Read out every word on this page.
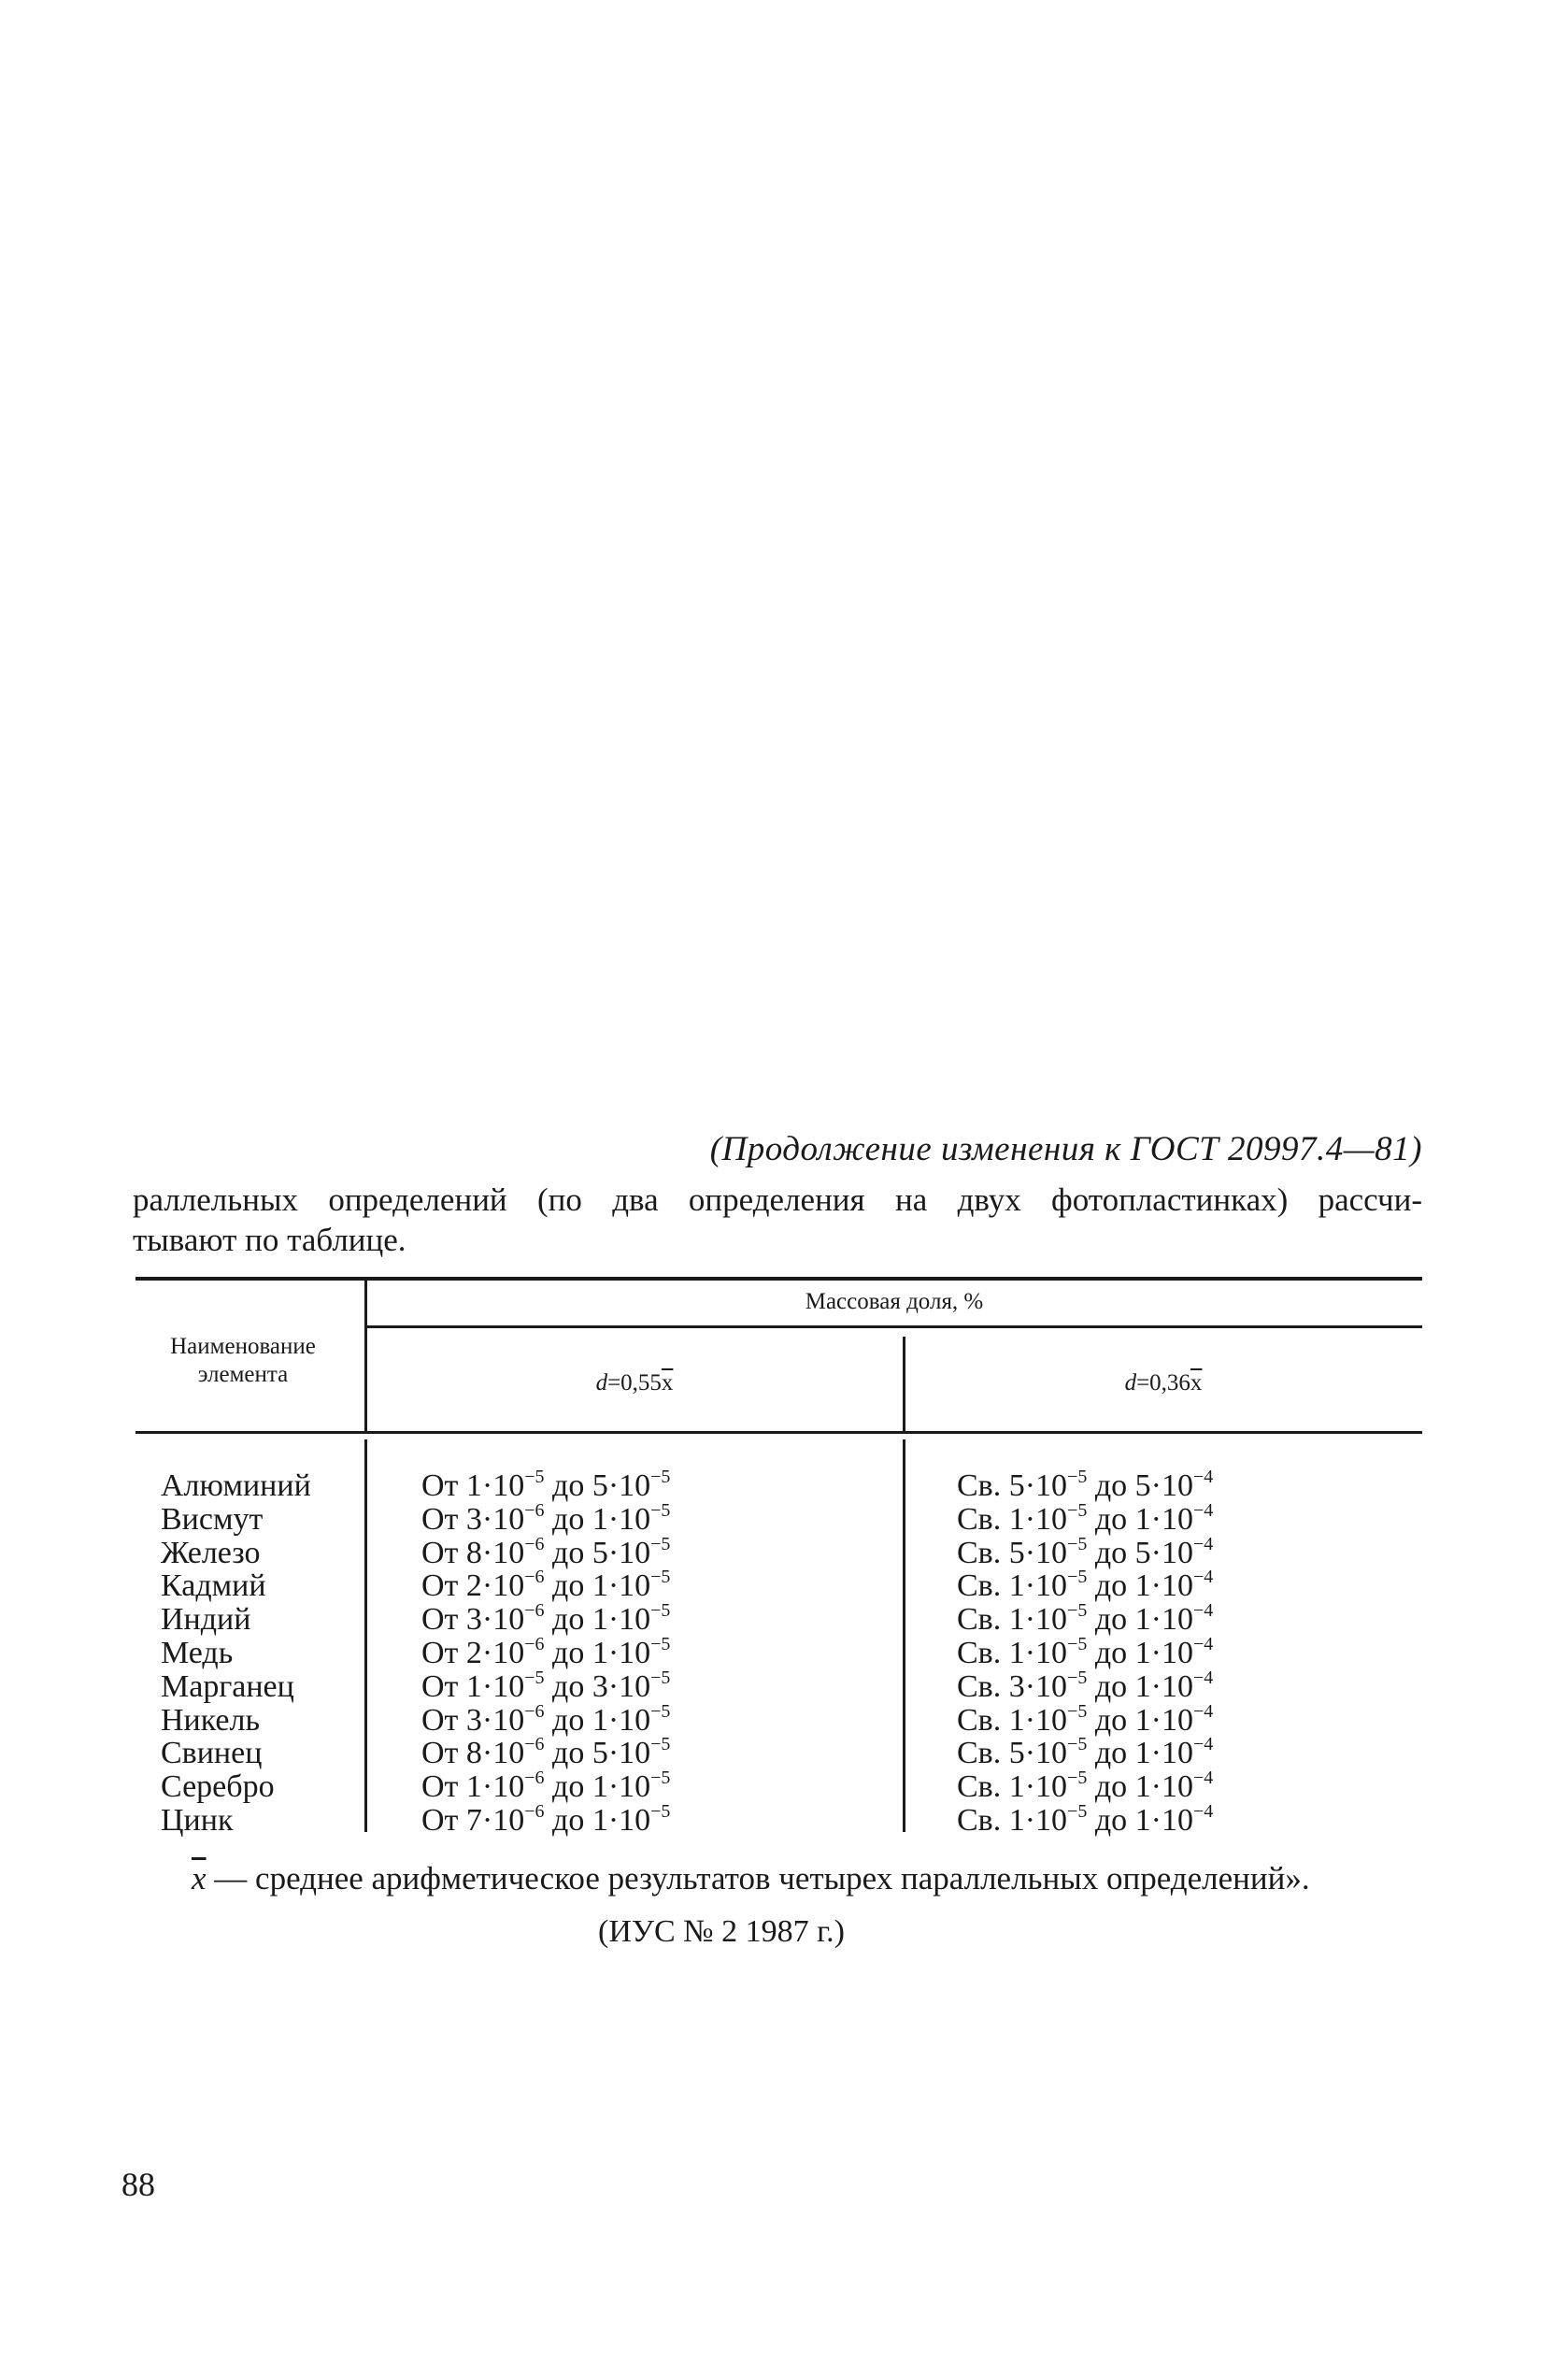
(Продолжение изменения к ГОСТ 20997.4—81)
раллельных определений (по два определения на двух фотопластинках) рассчи-
тывают по таблице.
Наименование
элемента
Массовая доля, %
$d=0,55\overline{x}$	$d=0,36\overline{x}$
Алюминий
Висмут
Железо
Кадмий
Индий
Медь
Марганец
Никель
Свинец
Серебро
Цинк
От $1\cdot 10^{-5}$ до $5\cdot 10^{-5}$
От $3\cdot 10^{-6}$ до $1\cdot 10^{-5}$
От $8\cdot 10^{-6}$ до $5\cdot 10^{-5}$
От $2\cdot 10^{-6}$ до $1\cdot 10^{-5}$
От $3\cdot 10^{-6}$ до $1\cdot 10^{-5}$
От $2\cdot 10^{-6}$ до $1\cdot 10^{-5}$
От $1\cdot 10^{-5}$ до $3\cdot 10^{-5}$
От $3\cdot 10^{-6}$ до $1\cdot 10^{-5}$
От $8\cdot 10^{-6}$ до $5\cdot 10^{-5}$
От $1\cdot 10^{-6}$ до $1\cdot 10^{-5}$
От $7\cdot 10^{-6}$ до $1\cdot 10^{-5}$
Св. $5\cdot 10^{-5}$ до $5\cdot 10^{-4}$
Св. $1\cdot 10^{-5}$ до $1\cdot 10^{-4}$
Св. $5\cdot 10^{-5}$ до $5\cdot 10^{-4}$
Св. $1\cdot 10^{-5}$ до $1\cdot 10^{-4}$
Св. $1\cdot 10^{-5}$ до $1\cdot 10^{-4}$
Св. $1\cdot 10^{-5}$ до $1\cdot 10^{-4}$
Св. $3\cdot 10^{-5}$ до $1\cdot 10^{-4}$
Св. $1\cdot 10^{-5}$ до $1\cdot 10^{-4}$
Св. $5\cdot 10^{-5}$ до $1\cdot 10^{-4}$
Св. $1\cdot 10^{-5}$ до $1\cdot 10^{-4}$
Св. $1\cdot 10^{-5}$ до $1\cdot 10^{-4}$
$\overline{x}$ — среднее арифметическое результатов четырех параллельных определений».
(ИУС № 2 1987 г.)
88
